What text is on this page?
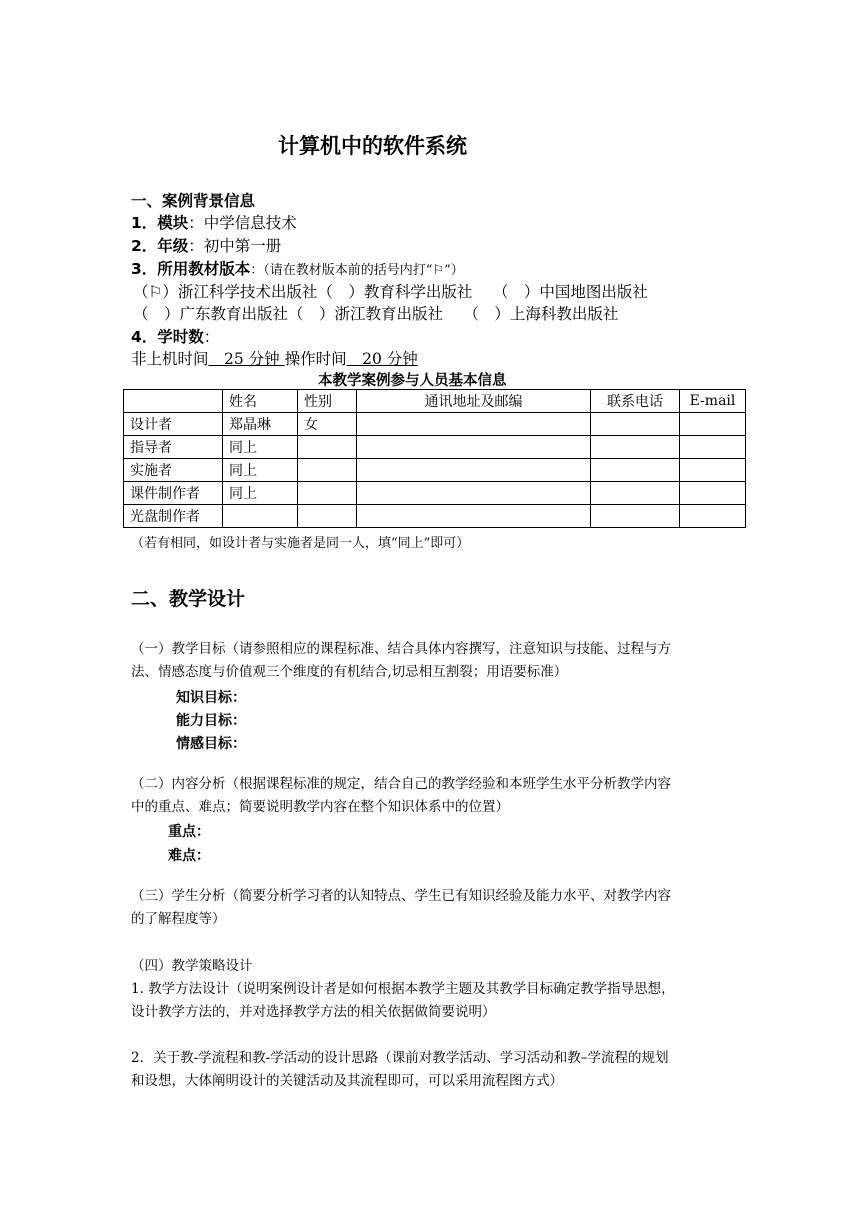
计算机中的软件系统
一、案例背景信息
1．模块：中学信息技术
2．年级：初中第一册
3．所用教材版本：（请在教材版本前的括号内打“⚐”）
（⚐）浙江科学技术出版社（　）教育科学出版社　 （　）中国地图出版社
（　）广东教育出版社（　）浙江教育出版社　 （　）上海科教出版社
4．学时数：
非上机时间　25 分钟 操作时间　20 分钟
本教学案例参与人员基本信息
	姓名	性别	通讯地址及邮编	联系电话	E-mail
设计者	郑晶琳	女			
指导者	同上				
实施者	同上				
课件制作者	同上				
光盘制作者					
（若有相同，如设计者与实施者是同一人，填“同上”即可）
二、教学设计
（一）教学目标（请参照相应的课程标准、结合具体内容撰写，注意知识与技能、过程与方
法、情感态度与价值观三个维度的有机结合,切忌相互割裂；用语要标准）
知识目标：
能力目标：
情感目标：
（二）内容分析（根据课程标准的规定，结合自己的教学经验和本班学生水平分析教学内容
中的重点、难点；简要说明教学内容在整个知识体系中的位置）
重点：
难点：
（三）学生分析（简要分析学习者的认知特点、学生已有知识经验及能力水平、对教学内容
的了解程度等）
（四）教学策略设计
1. 教学方法设计（说明案例设计者是如何根据本教学主题及其教学目标确定教学指导思想，
设计教学方法的，并对选择教学方法的相关依据做简要说明）
2．关于教-学流程和教-学活动的设计思路（课前对教学活动、学习活动和教–学流程的规划
和设想，大体阐明设计的关键活动及其流程即可，可以采用流程图方式）
